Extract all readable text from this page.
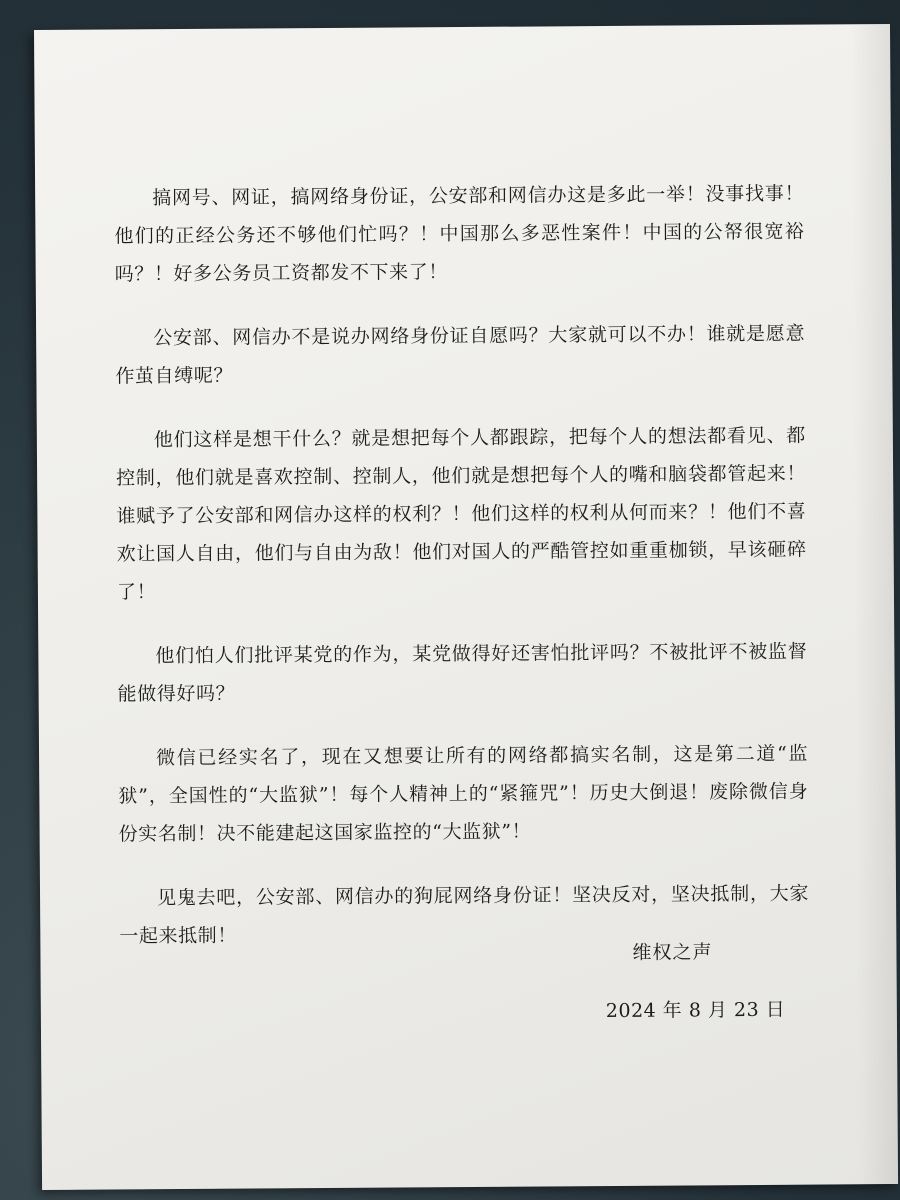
搞网号、网证，搞网络身份证，公安部和网信办这是多此一举！没事找事！他们的正经公务还不够他们忙吗？！中国那么多恶性案件！中国的公帑很宽裕吗？！好多公务员工资都发不下来了！

公安部、网信办不是说办网络身份证自愿吗？大家就可以不办！谁就是愿意作茧自缚呢？

他们这样是想干什么？就是想把每个人都跟踪，把每个人的想法都看见、都控制，他们就是喜欢控制、控制人，他们就是想把每个人的嘴和脑袋都管起来！谁赋予了公安部和网信办这样的权利？！他们这样的权利从何而来？！他们不喜欢让国人自由，他们与自由为敌！他们对国人的严酷管控如重重枷锁，早该砸碎了！

他们怕人们批评某党的作为，某党做得好还害怕批评吗？不被批评不被监督能做得好吗？

微信已经实名了，现在又想要让所有的网络都搞实名制，这是第二道“监狱”，全国性的“大监狱”！每个人精神上的“紧箍咒”！历史大倒退！废除微信身份实名制！决不能建起这国家监控的“大监狱”！

见鬼去吧，公安部、网信办的狗屁网络身份证！坚决反对，坚决抵制，大家一起来抵制！

维权之声
2024 年 8 月 23 日
